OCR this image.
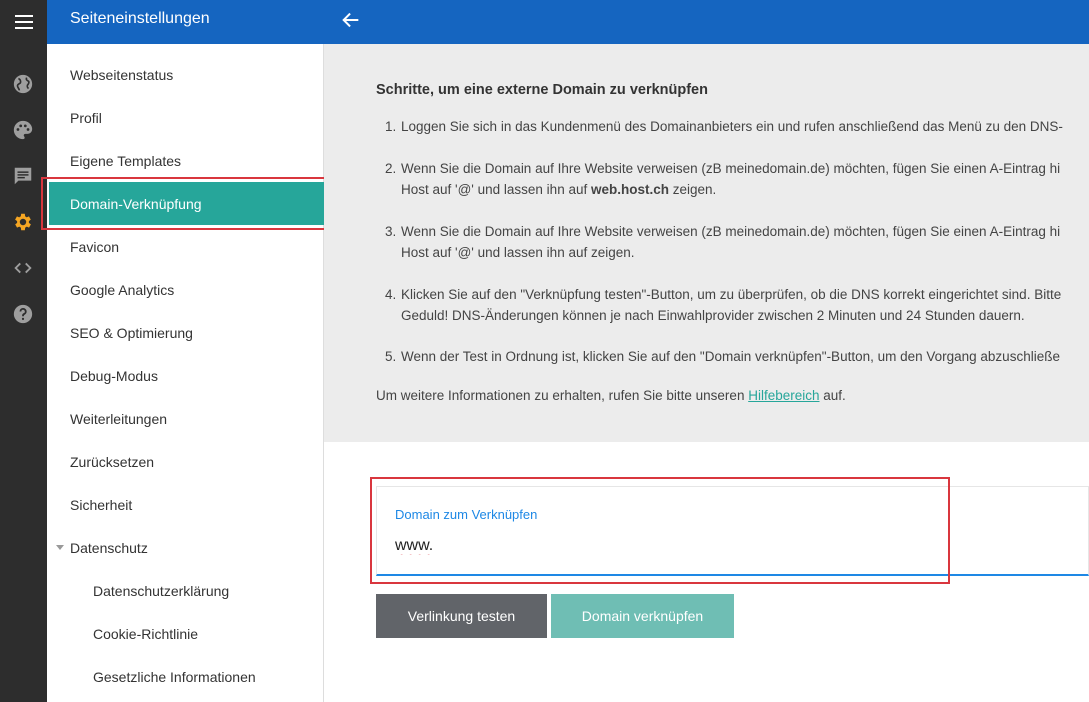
Seiteneinstellungen
Webseitenstatus
Profil
Eigene Templates
Domain-Verknüpfung
Favicon
Google Analytics
SEO & Optimierung
Debug-Modus
Weiterleitungen
Zurücksetzen
Sicherheit
Datenschutz
Datenschutzerklärung
Cookie-Richtlinie
Gesetzliche Informationen
Schritte, um eine externe Domain zu verknüpfen
1. Loggen Sie sich in das Kundenmenü des Domainanbieters ein und rufen anschließend das Menü zu den DNS-
2. Wenn Sie die Domain auf Ihre Website verweisen (zB meinedomain.de) möchten, fügen Sie einen A-Eintrag hi
Host auf '@' und lassen ihn auf web.host.ch zeigen.
3. Wenn Sie die Domain auf Ihre Website verweisen (zB meinedomain.de) möchten, fügen Sie einen A-Eintrag hi
Host auf '@' und lassen ihn auf zeigen.
4. Klicken Sie auf den "Verknüpfung testen"-Button, um zu überprüfen, ob die DNS korrekt eingerichtet sind. Bitte
Geduld! DNS-Änderungen können je nach Einwahlprovider zwischen 2 Minuten und 24 Stunden dauern.
5. Wenn der Test in Ordnung ist, klicken Sie auf den "Domain verknüpfen"-Button, um den Vorgang abzuschließe

Um weitere Informationen zu erhalten, rufen Sie bitte unseren Hilfebereich auf.

Domain zum Verknüpfen
www.
Verlinkung testen	Domain verknüpfen
